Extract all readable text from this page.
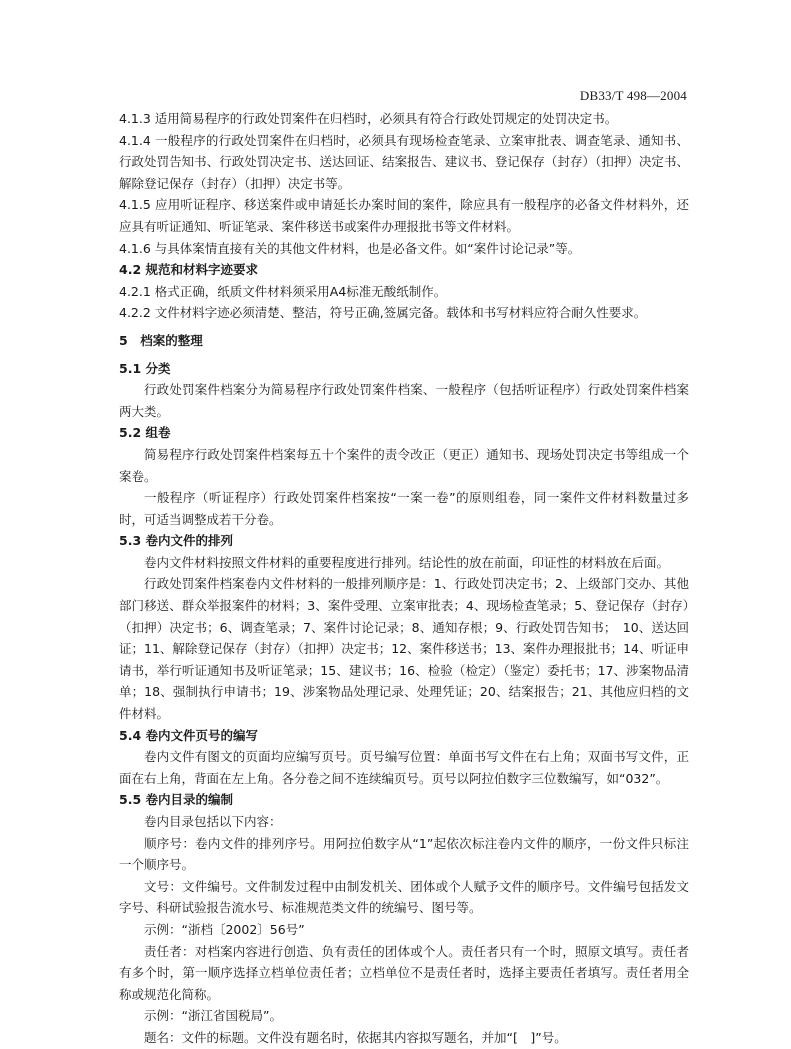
DB33/T 498—2004

4.1.3 适用简易程序的行政处罚案件在归档时，必须具有符合行政处罚规定的处罚决定书。

4.1.4 一般程序的行政处罚案件在归档时，必须具有现场检查笔录、立案审批表、调查笔录、通知书、行政处罚告知书、行政处罚决定书、送达回证、结案报告、建议书、登记保存（封存）（扣押）决定书、解除登记保存（封存）（扣押）决定书等。

4.1.5 应用听证程序、移送案件或申请延长办案时间的案件，除应具有一般程序的必备文件材料外，还应具有听证通知、听证笔录、案件移送书或案件办理报批书等文件材料。

4.1.6 与具体案情直接有关的其他文件材料，也是必备文件。如“案件讨论记录”等。

4.2 规范和材料字迹要求

4.2.1 格式正确，纸质文件材料须采用A4标准无酸纸制作。

4.2.2 文件材料字迹必须清楚、整洁，符号正确,签属完备。载体和书写材料应符合耐久性要求。

5　档案的整理

5.1 分类

行政处罚案件档案分为简易程序行政处罚案件档案、一般程序（包括听证程序）行政处罚案件档案两大类。

5.2 组卷

简易程序行政处罚案件档案每五十个案件的责令改正（更正）通知书、现场处罚决定书等组成一个案卷。

一般程序（听证程序）行政处罚案件档案按“一案一卷”的原则组卷，同一案件文件材料数量过多时，可适当调整成若干分卷。

5.3 卷内文件的排列

卷内文件材料按照文件材料的重要程度进行排列。结论性的放在前面，印证性的材料放在后面。

行政处罚案件档案卷内文件材料的一般排列顺序是：1、行政处罚决定书；2、上级部门交办、其他部门移送、群众举报案件的材料；3、案件受理、立案审批表；4、现场检查笔录；5、登记保存（封存）（扣押）决定书；6、调查笔录；7、案件讨论记录；8、通知存根；9、行政处罚告知书；　10、送达回证；11、解除登记保存（封存）（扣押）决定书；12、案件移送书；13、案件办理报批书；14、听证申请书，举行听证通知书及听证笔录；15、建议书；16、检验（检定）（鉴定）委托书；17、涉案物品清单；18、强制执行申请书；19、涉案物品处理记录、处理凭证；20、结案报告；21、其他应归档的文件材料。

5.4 卷内文件页号的编写

卷内文件有图文的页面均应编写页号。页号编写位置：单面书写文件在右上角；双面书写文件，正面在右上角，背面在左上角。各分卷之间不连续编页号。页号以阿拉伯数字三位数编写，如“032”。

5.5 卷内目录的编制

卷内目录包括以下内容：

顺序号：卷内文件的排列序号。用阿拉伯数字从“1”起依次标注卷内文件的顺序，一份文件只标注一个顺序号。

文号：文件编号。文件制发过程中由制发机关、团体或个人赋予文件的顺序号。文件编号包括发文字号、科研试验报告流水号、标准规范类文件的统编号、图号等。

示例：“浙档〔2002〕56号”

责任者：对档案内容进行创造、负有责任的团体或个人。责任者只有一个时，照原文填写。责任者有多个时，第一顺序选择立档单位责任者；立档单位不是责任者时，选择主要责任者填写。责任者用全称或规范化简称。

示例：“浙江省国税局”。

题名：文件的标题。文件没有题名时，依据其内容拟写题名，并加“[　]”号。
